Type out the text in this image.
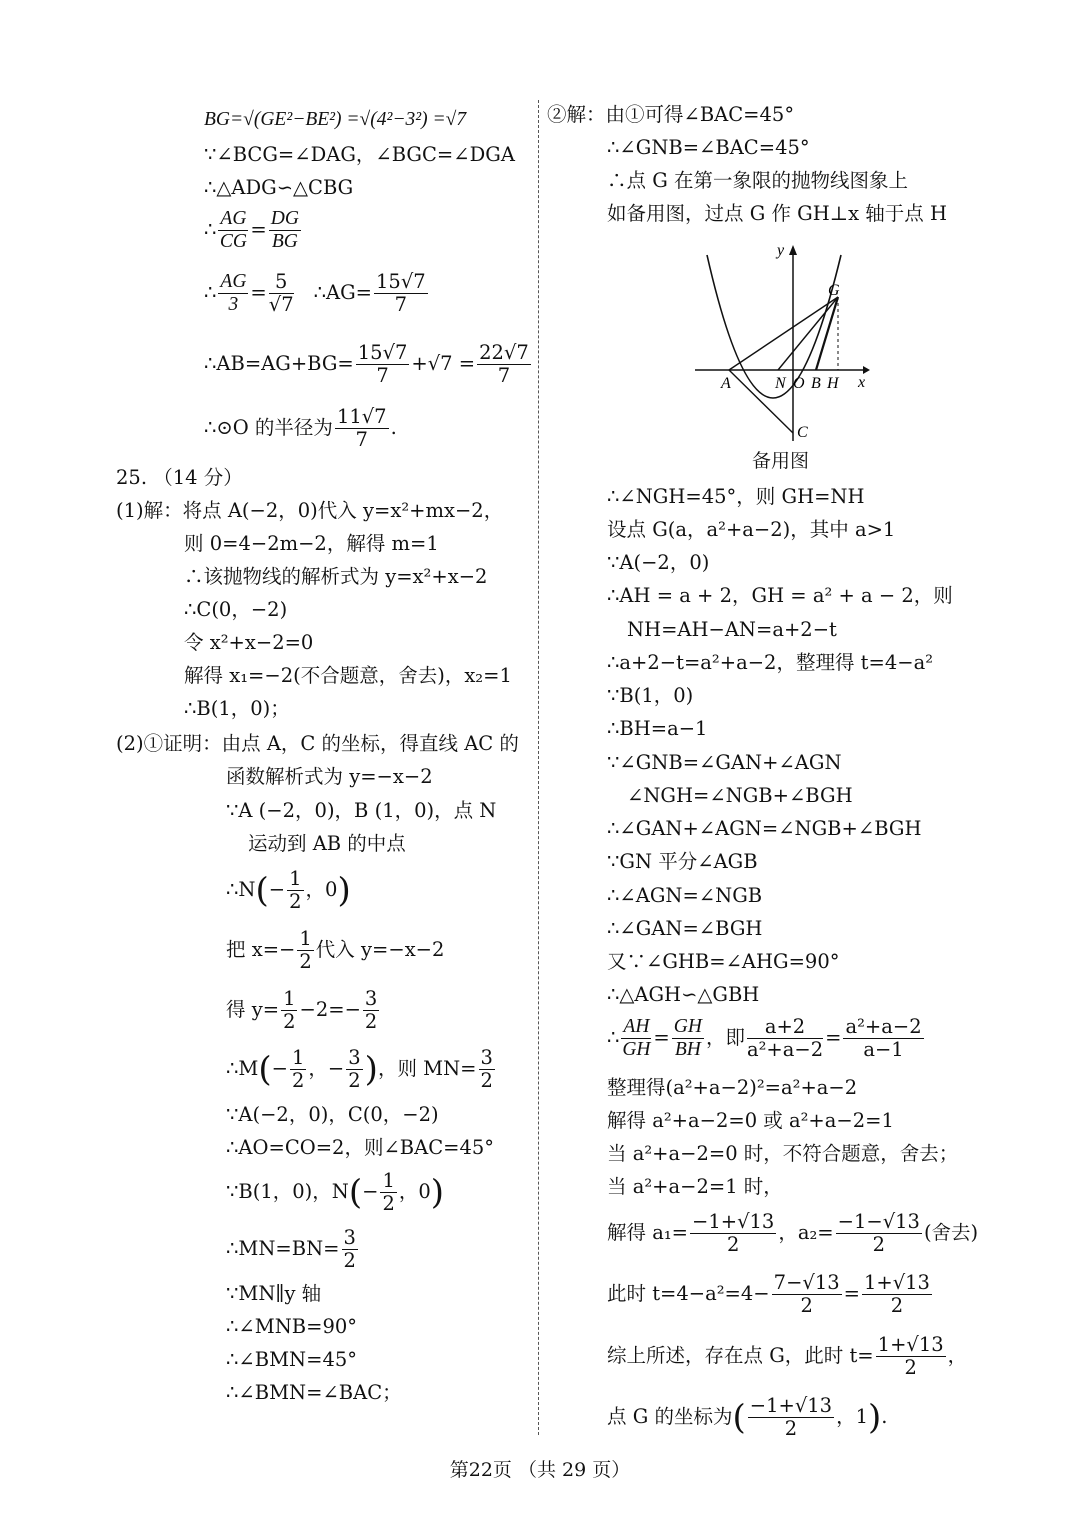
BG=√(GE²−BE²) =√(4²−3²) =√7
∵∠BCG=∠DAG，∠BGC=∠DGA
∴△ADG∽△CBG
∴ $\frac{AG}{CG} = \frac{DG}{BG}$
∴ $\frac{AG}{3} = \frac{5}{√7}$ ∴AG= $\frac{15√7}{7}$
∴AB=AG+BG= $\frac{15√7}{7} +√7 = \frac{22√7}{7}$
∴⊙O 的半径为 $\frac{11√7}{7}$ .
25. （14 分）
(1)解：将点 A(−2，0)代入 y=x²+mx−2，
则 0=4−2m−2，解得 m=1
∴该抛物线的解析式为 y=x²+x−2
∴C(0，−2)
令 x²+x−2=0
解得 x₁=−2(不合题意，舍去)，x₂=1
∴B(1，0)；
(2)①证明：由点 A，C 的坐标，得直线 AC 的
函数解析式为 y=−x−2
∵A (−2，0)，B (1，0)，点 N
运动到 AB 的中点
∴N(− $\frac{1}{2}$ ，0)
把 $x=- \frac{1}{2}$ 代入 y=−x−2
得 $y= \frac{1}{2} -2=- \frac{3}{2}$
∴M(− $\frac{1}{2}$ ，− $\frac{3}{2}$ )，则 $MN= \frac{3}{2}$
∵A(−2，0)，C(0，−2)
∴AO=CO=2，则∠BAC=45°
∵B(1，0)，$N(- \frac{1}{2}$ ，0)
∴MN=BN= $\frac{3}{2}$
∵MN∥y 轴
∴∠MNB=90°
∴∠BMN=45°
∴∠BMN=∠BAC；
②解：由①可得∠BAC=45°
∴∠GNB=∠BAC=45°
∴点 G 在第一象限的抛物线图象上
如备用图，过点 G 作 GH⊥x 轴于点 H
y
x
G
A	N O B H
C
备用图
∴∠NGH=45°，则 GH=NH
设点 G(a，a²+a−2)，其中 a>1
∵A(−2，0)
∴AH = a + 2，GH = a² + a − 2，则
NH=AH−AN=a+2−t
∴a+2−t=a²+a−2，整理得 t=4−a²
∵B(1，0)
∴BH=a−1
∵∠GNB=∠GAN+∠AGN
∠NGH=∠NGB+∠BGH
∴∠GAN+∠AGN=∠NGB+∠BGH
∵GN 平分∠AGB
∴∠AGN=∠NGB
∴∠GAN=∠BGH
又∵∠GHB=∠AHG=90°
∴△AGH∽△GBH
∴ $\frac{AH}{GH} = \frac{GH}{BH}$ ，即 $\frac{a+2}{\text{a²+a−2}} = \frac{\text{a²+a−2}}{a-1}$
整理得(a²+a−2)²=a²+a−2
解得 a²+a−2=0 或 a²+a−2=1
当 a²+a−2=0 时，不符合题意，舍去；
当 a²+a−2=1 时，
解得 $a_1= \frac{-1+√13}{2}$ ，$a_2= \frac{-1-√13}{2}$ (舍去)
此时 $t=4-a^2=4- \frac{7-√13}{2} = \frac{1+√13}{2}$
综上所述，存在点 G，此时 $t= \frac{1+√13}{2}$ ，
点 G 的坐标为( $\frac{-1+√13}{2}$ ，1).
第22页 （共 29 页）
